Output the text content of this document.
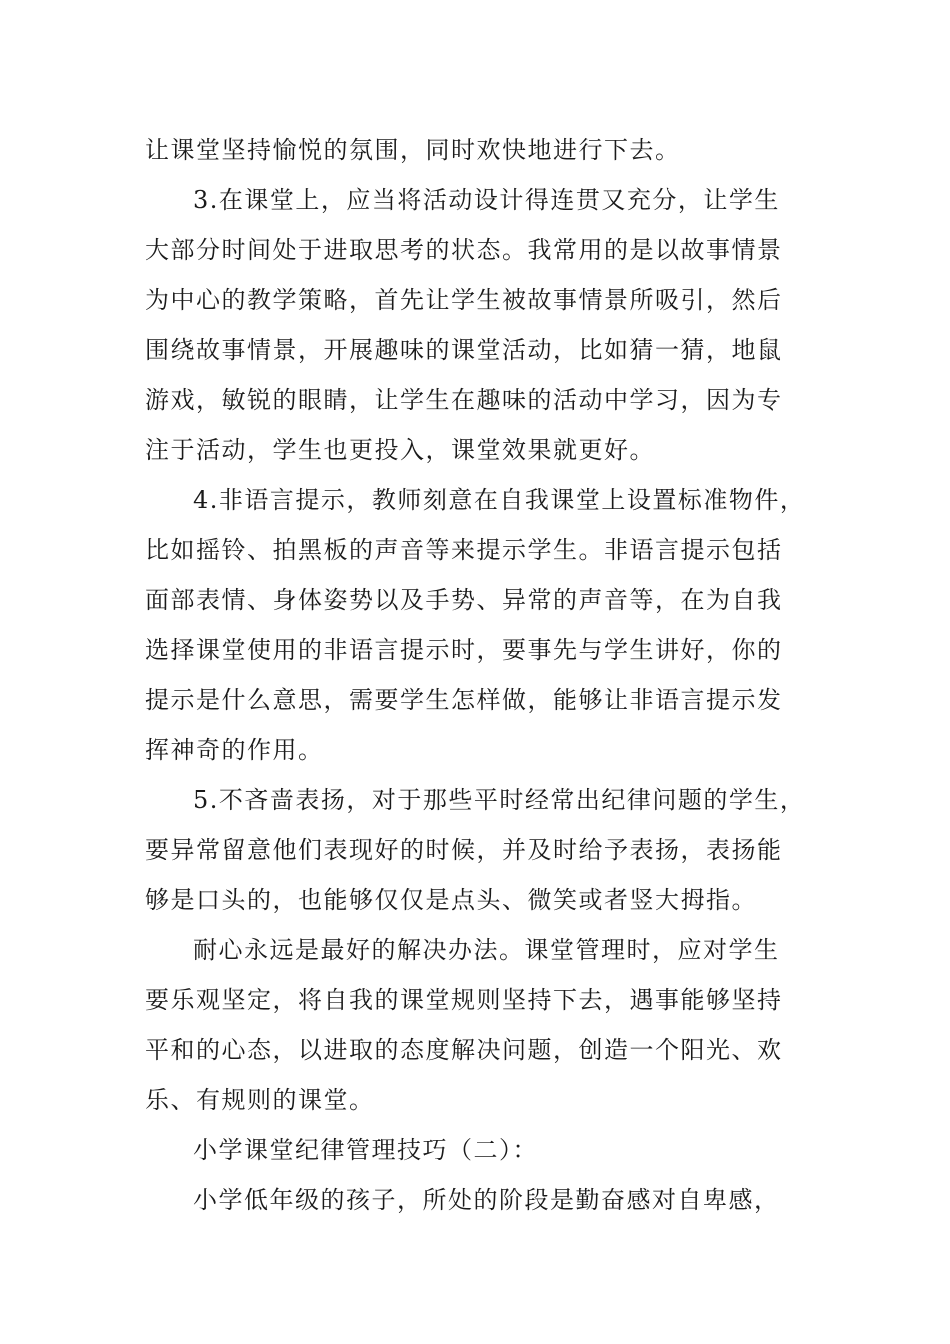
让课堂坚持愉悦的氛围，同时欢快地进行下去。
3.在课堂上，应当将活动设计得连贯又充分，让学生
大部分时间处于进取思考的状态。我常用的是以故事情景
为中心的教学策略，首先让学生被故事情景所吸引，然后
围绕故事情景，开展趣味的课堂活动，比如猜一猜，地鼠
游戏，敏锐的眼睛，让学生在趣味的活动中学习，因为专
注于活动，学生也更投入，课堂效果就更好。
4.非语言提示，教师刻意在自我课堂上设置标准物件，
比如摇铃、拍黑板的声音等来提示学生。非语言提示包括
面部表情、身体姿势以及手势、异常的声音等，在为自我
选择课堂使用的非语言提示时，要事先与学生讲好，你的
提示是什么意思，需要学生怎样做，能够让非语言提示发
挥神奇的作用。
5.不吝啬表扬，对于那些平时经常出纪律问题的学生，
要异常留意他们表现好的时候，并及时给予表扬，表扬能
够是口头的，也能够仅仅是点头、微笑或者竖大拇指。
耐心永远是最好的解决办法。课堂管理时，应对学生
要乐观坚定，将自我的课堂规则坚持下去，遇事能够坚持
平和的心态，以进取的态度解决问题，创造一个阳光、欢
乐、有规则的课堂。
小学课堂纪律管理技巧（二）：
小学低年级的孩子，所处的阶段是勤奋感对自卑感，
